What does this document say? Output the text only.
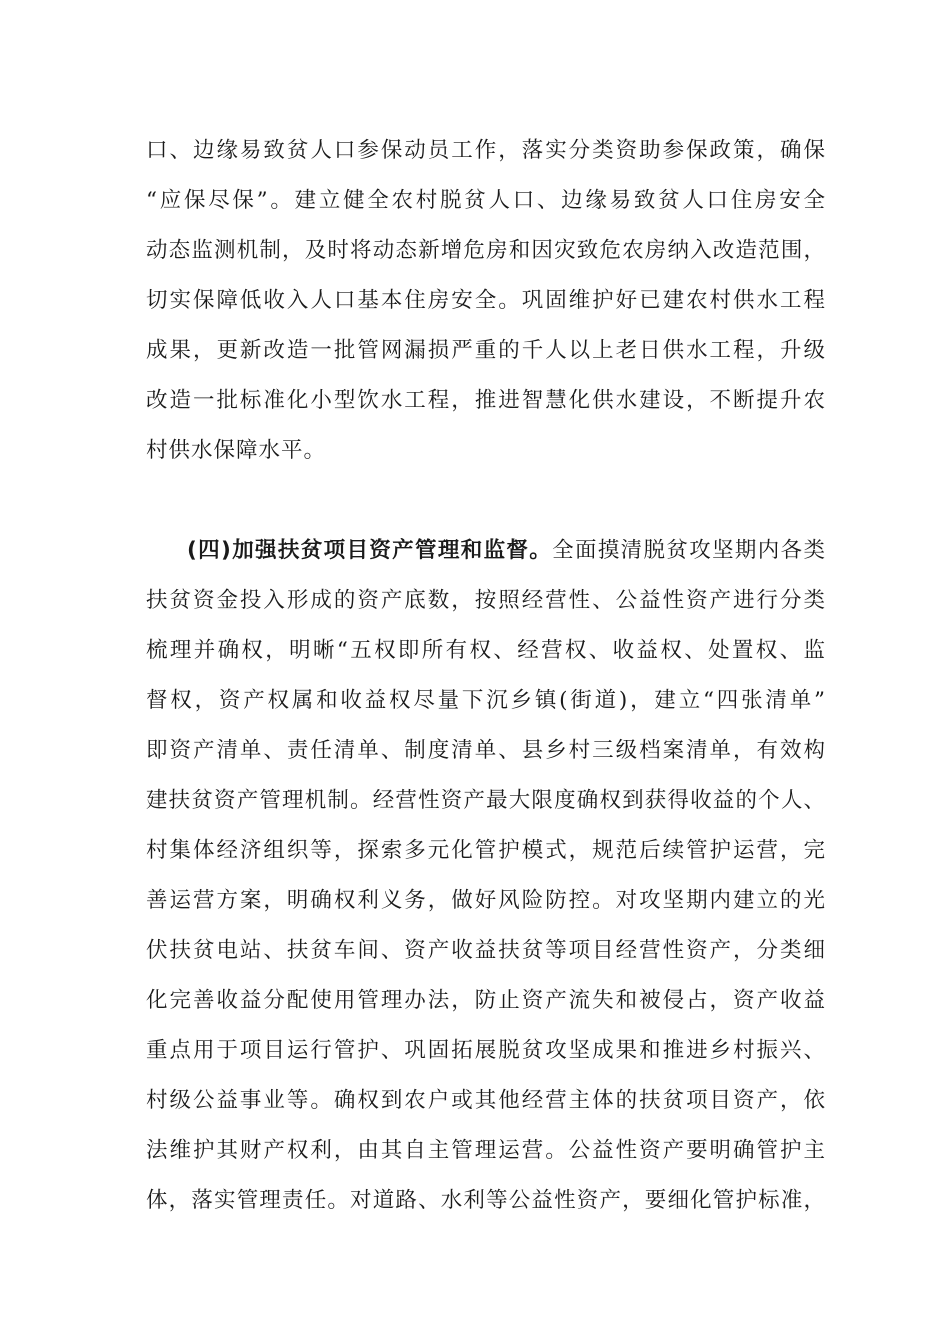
口、边缘易致贫人口参保动员工作，落实分类资助参保政策，确保
“应保尽保”。建立健全农村脱贫人口、边缘易致贫人口住房安全
动态监测机制，及时将动态新增危房和因灾致危农房纳入改造范围，
切实保障低收入人口基本住房安全。巩固维护好已建农村供水工程
成果，更新改造一批管网漏损严重的千人以上老日供水工程，升级
改造一批标准化小型饮水工程，推进智慧化供水建设，不断提升农
村供水保障水平。
(四)加强扶贫项目资产管理和监督。全面摸清脱贫攻坚期内各类
扶贫资金投入形成的资产底数，按照经营性、公益性资产进行分类
梳理并确权，明晰“五权即所有权、经营权、收益权、处置权、监
督权，资产权属和收益权尽量下沉乡镇(街道)，建立“四张清单”
即资产清单、责任清单、制度清单、县乡村三级档案清单，有效构
建扶贫资产管理机制。经营性资产最大限度确权到获得收益的个人、
村集体经济组织等，探索多元化管护模式，规范后续管护运营，完
善运营方案，明确权利义务，做好风险防控。对攻坚期内建立的光
伏扶贫电站、扶贫车间、资产收益扶贫等项目经营性资产，分类细
化完善收益分配使用管理办法，防止资产流失和被侵占，资产收益
重点用于项目运行管护、巩固拓展脱贫攻坚成果和推进乡村振兴、
村级公益事业等。确权到农户或其他经营主体的扶贫项目资产，依
法维护其财产权利，由其自主管理运营。公益性资产要明确管护主
体，落实管理责任。对道路、水利等公益性资产，要细化管护标准，
